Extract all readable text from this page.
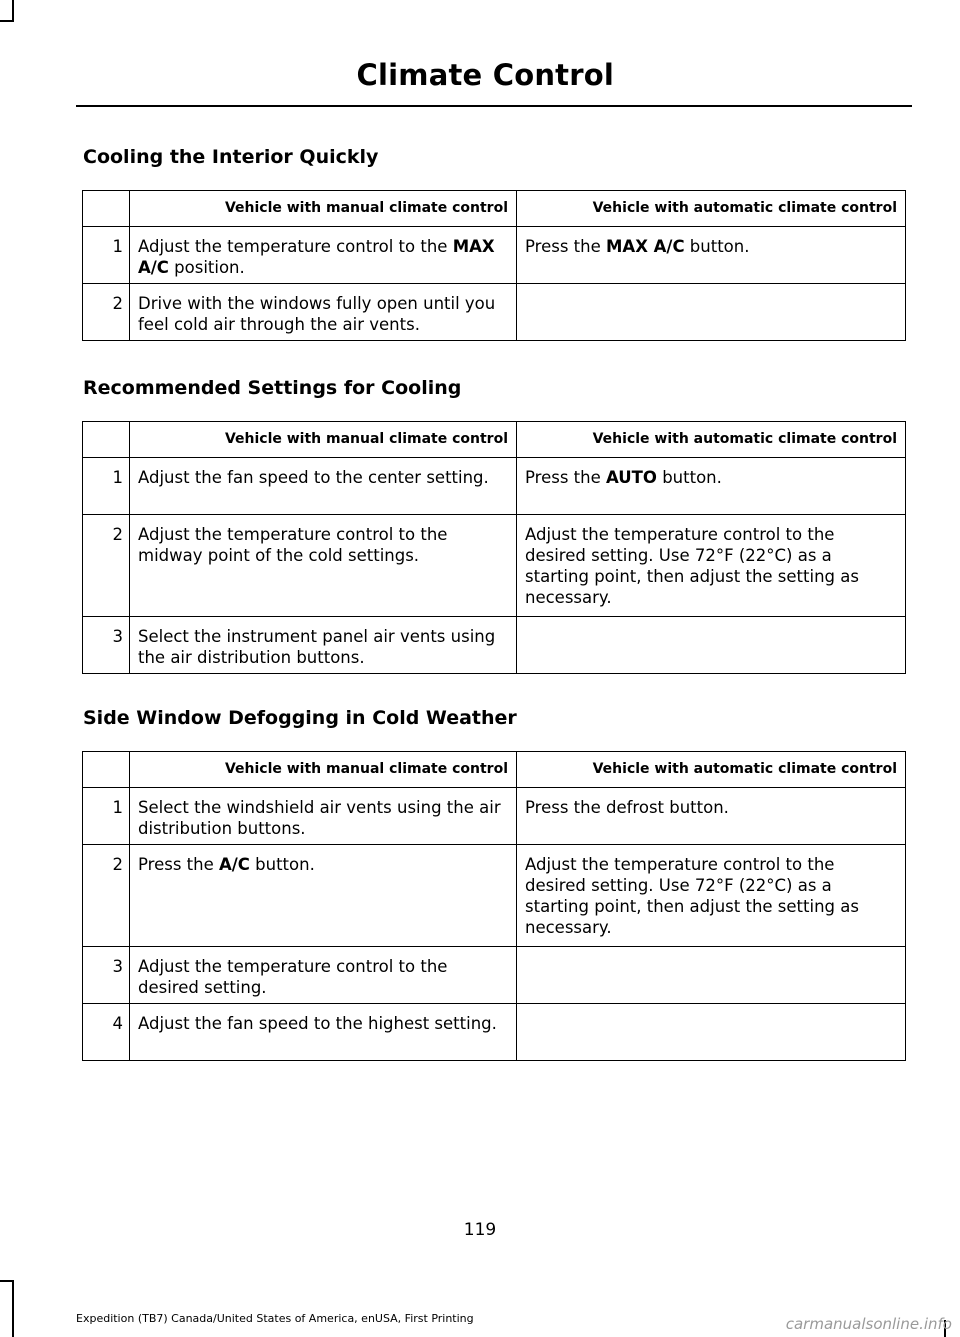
Climate Control
Cooling the Interior Quickly
	Vehicle with manual climate control	Vehicle with automatic climate control
1	Adjust the temperature control to the MAX A/C position.	Press the MAX A/C button.
2	Drive with the windows fully open until you feel cold air through the air vents.	
Recommended Settings for Cooling
	Vehicle with manual climate control	Vehicle with automatic climate control
1	Adjust the fan speed to the center setting.	Press the AUTO button.
2	Adjust the temperature control to the midway point of the cold settings.	Adjust the temperature control to the desired setting. Use 72°F (22°C) as a starting point, then adjust the setting as necessary.
3	Select the instrument panel air vents using the air distribution buttons.	
Side Window Defogging in Cold Weather
	Vehicle with manual climate control	Vehicle with automatic climate control
1	Select the windshield air vents using the air distribution buttons.	Press the defrost button.
2	Press the A/C button.	Adjust the temperature control to the desired setting. Use 72°F (22°C) as a starting point, then adjust the setting as necessary.
3	Adjust the temperature control to the desired setting.	
4	Adjust the fan speed to the highest setting.	
119
Expedition (TB7) Canada/United States of America, enUSA, First Printing	carmanualsonline.info
